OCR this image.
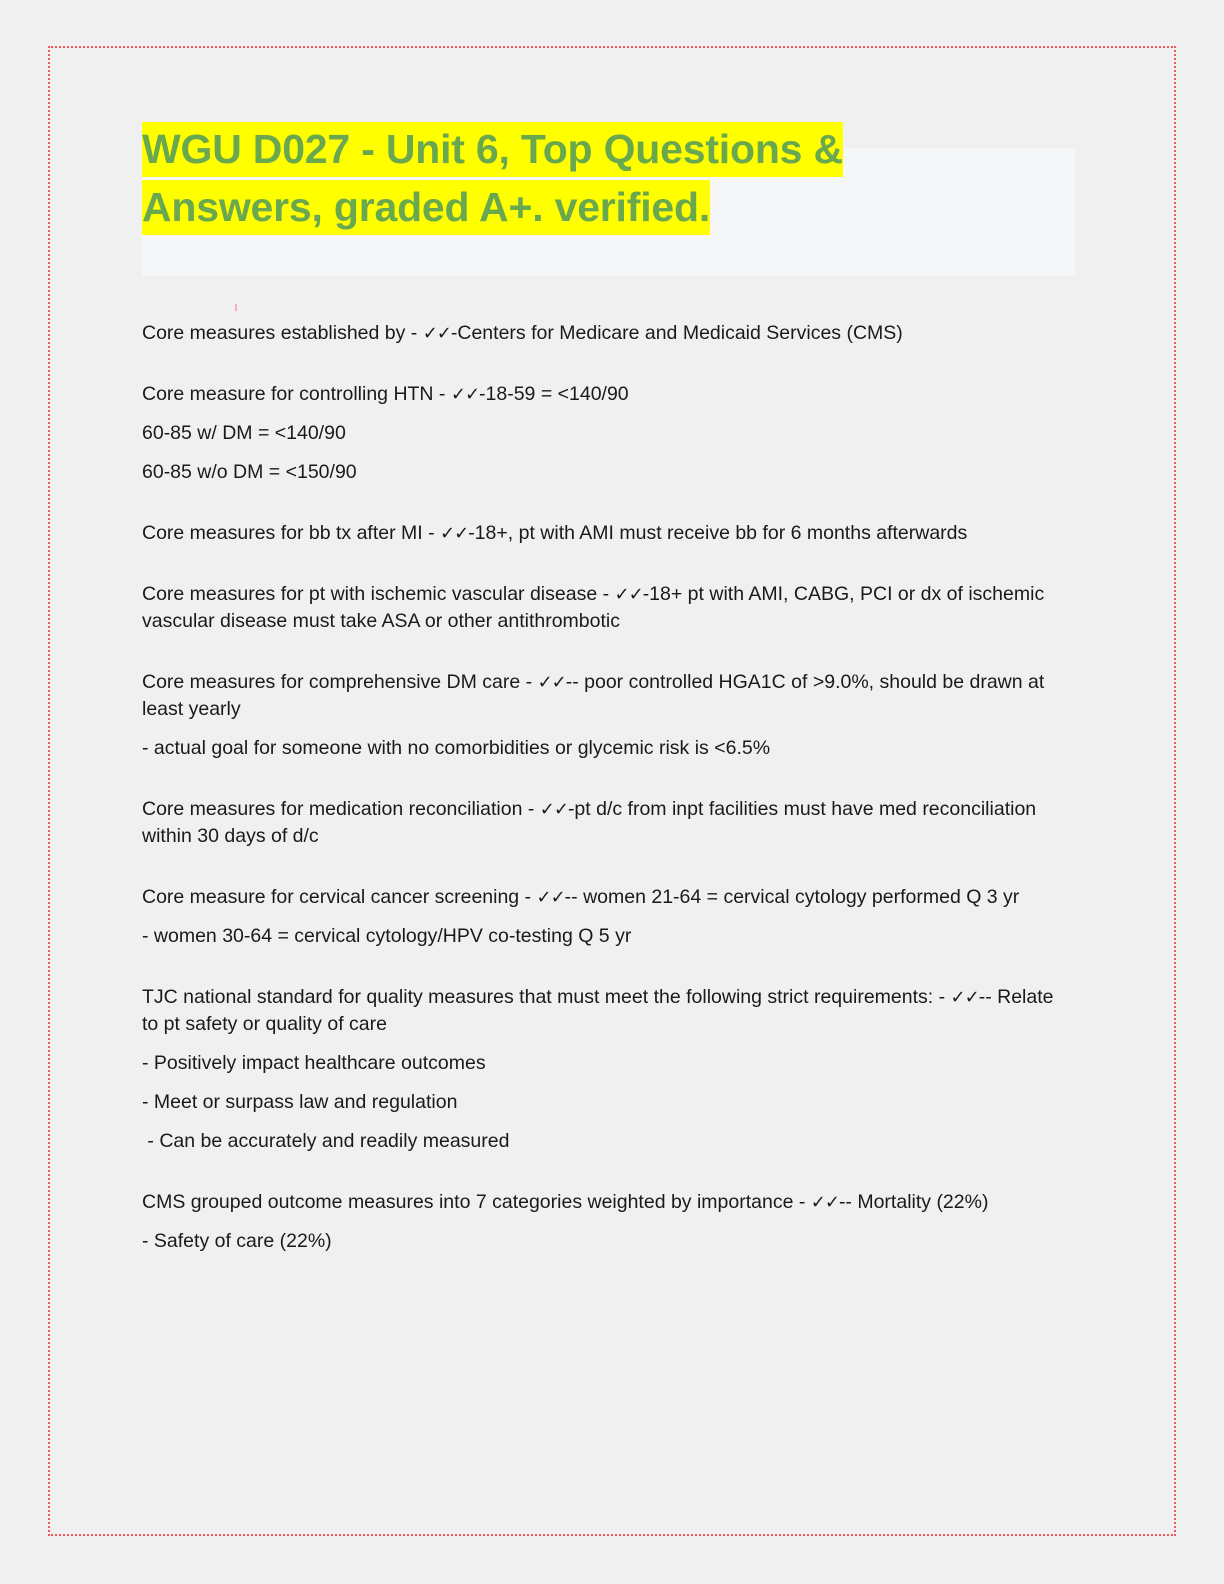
WGU D027 - Unit 6, Top Questions &
Answers, graded A+. verified.

Core measures established by - ✓✓-Centers for Medicare and Medicaid Services (CMS)

Core measure for controlling HTN - ✓✓-18-59 = <140/90

60-85 w/ DM = <140/90

60-85 w/o DM = <150/90

Core measures for bb tx after MI - ✓✓-18+, pt with AMI must receive bb for 6 months afterwards

Core measures for pt with ischemic vascular disease - ✓✓-18+ pt with AMI, CABG, PCI or dx of ischemic vascular disease must take ASA or other antithrombotic

Core measures for comprehensive DM care - ✓✓-- poor controlled HGA1C of >9.0%, should be drawn at least yearly

- actual goal for someone with no comorbidities or glycemic risk is <6.5%

Core measures for medication reconciliation - ✓✓-pt d/c from inpt facilities must have med reconciliation within 30 days of d/c

Core measure for cervical cancer screening - ✓✓-- women 21-64 = cervical cytology performed Q 3 yr

- women 30-64 = cervical cytology/HPV co-testing Q 5 yr

TJC national standard for quality measures that must meet the following strict requirements: - ✓✓-- Relate to pt safety or quality of care

- Positively impact healthcare outcomes

- Meet or surpass law and regulation

- Can be accurately and readily measured

CMS grouped outcome measures into 7 categories weighted by importance - ✓✓-- Mortality (22%)

- Safety of care (22%)
